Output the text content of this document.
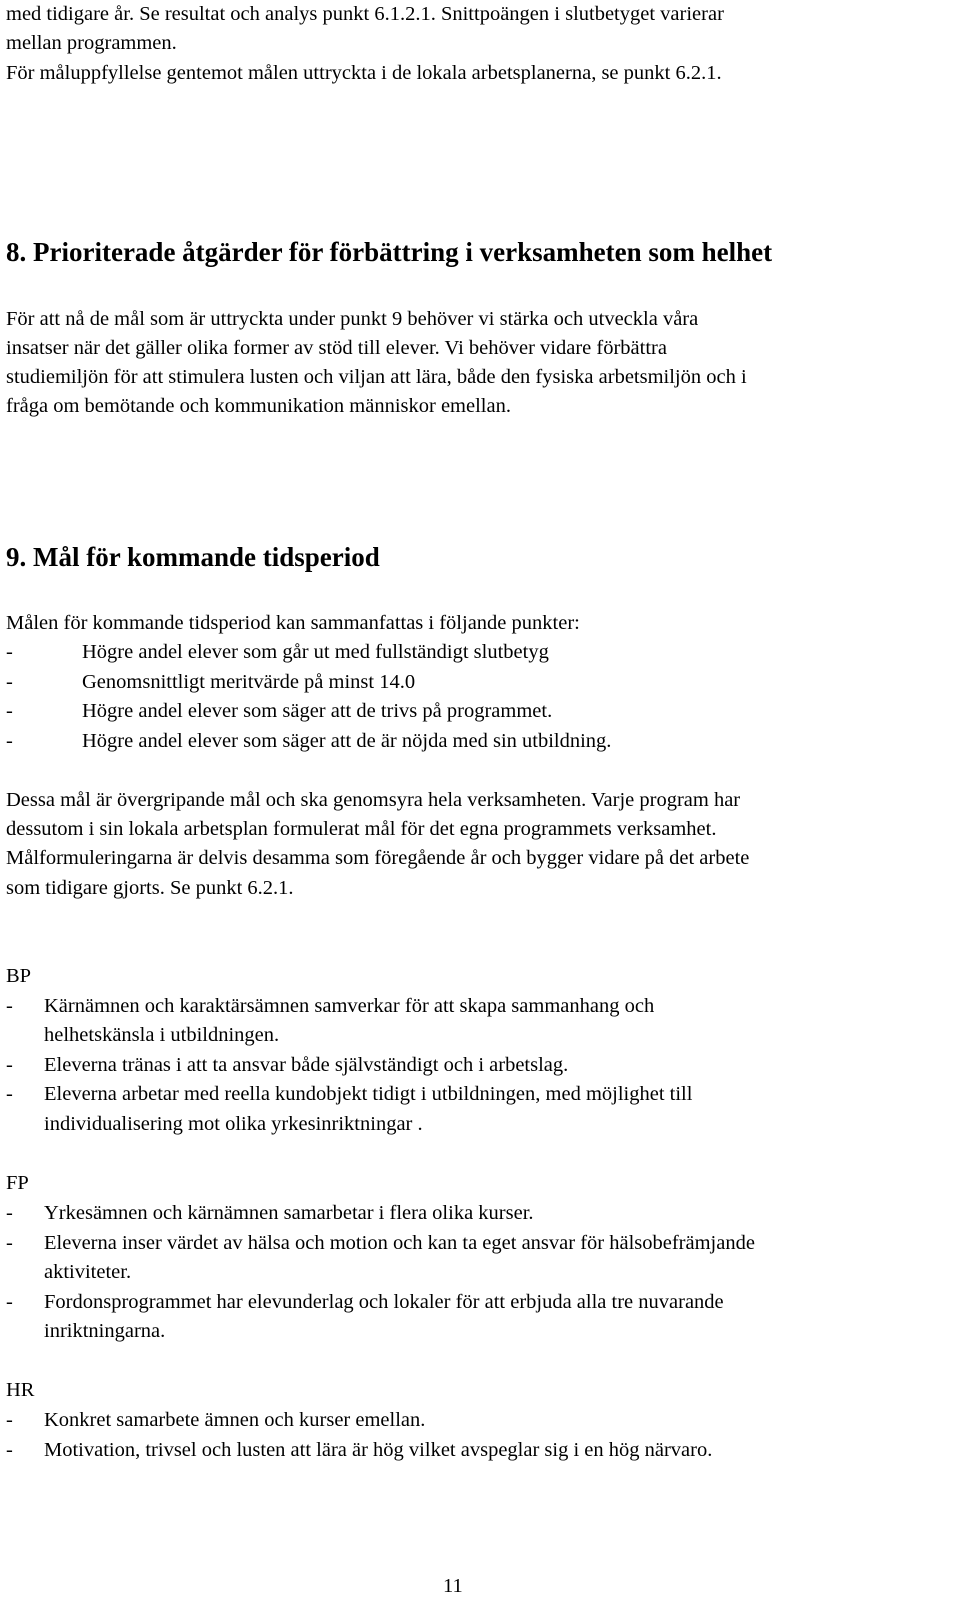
med tidigare år. Se resultat och analys punkt 6.1.2.1. Snittpoängen i slutbetyget varierar
mellan programmen.
För måluppfyllelse gentemot målen uttryckta i de lokala arbetsplanerna, se punkt 6.2.1.
8. Prioriterade åtgärder för förbättring i verksamheten som helhet
För att nå de mål som är uttryckta under punkt 9 behöver vi stärka och utveckla våra
insatser när det gäller olika former av stöd till elever. Vi behöver vidare förbättra
studiemiljön för att stimulera lusten och viljan att lära, både den fysiska arbetsmiljön och i
fråga om bemötande och kommunikation människor emellan.
9. Mål för kommande tidsperiod
Målen för kommande tidsperiod kan sammanfattas i följande punkter:
-	Högre andel elever som går ut med fullständigt slutbetyg
-	Genomsnittligt meritvärde på minst 14.0
-	Högre andel elever som säger att de trivs på programmet.
-	Högre andel elever som säger att de är nöjda med sin utbildning.
Dessa mål är övergripande mål och ska genomsyra hela verksamheten. Varje program har
dessutom i sin lokala arbetsplan formulerat mål för det egna programmets verksamhet.
Målformuleringarna är delvis desamma som föregående år och bygger vidare på det arbete
som tidigare gjorts. Se punkt 6.2.1.
BP
- Kärnämnen och karaktärsämnen samverkar för att skapa sammanhang och
helhetskänsla i utbildningen.
- Eleverna tränas i att ta ansvar både självständigt och i arbetslag.
- Eleverna arbetar med reella kundobjekt tidigt i utbildningen, med möjlighet till
individualisering mot olika yrkesinriktningar .
FP
- Yrkesämnen och kärnämnen samarbetar i flera olika kurser.
- Eleverna inser värdet av hälsa och motion och kan ta eget ansvar för hälsobefrämjande
aktiviteter.
- Fordonsprogrammet har elevunderlag och lokaler för att erbjuda alla tre nuvarande
inriktningarna.
HR
- Konkret samarbete ämnen och kurser emellan.
- Motivation, trivsel och lusten att lära är hög vilket avspeglar sig i en hög närvaro.
11
